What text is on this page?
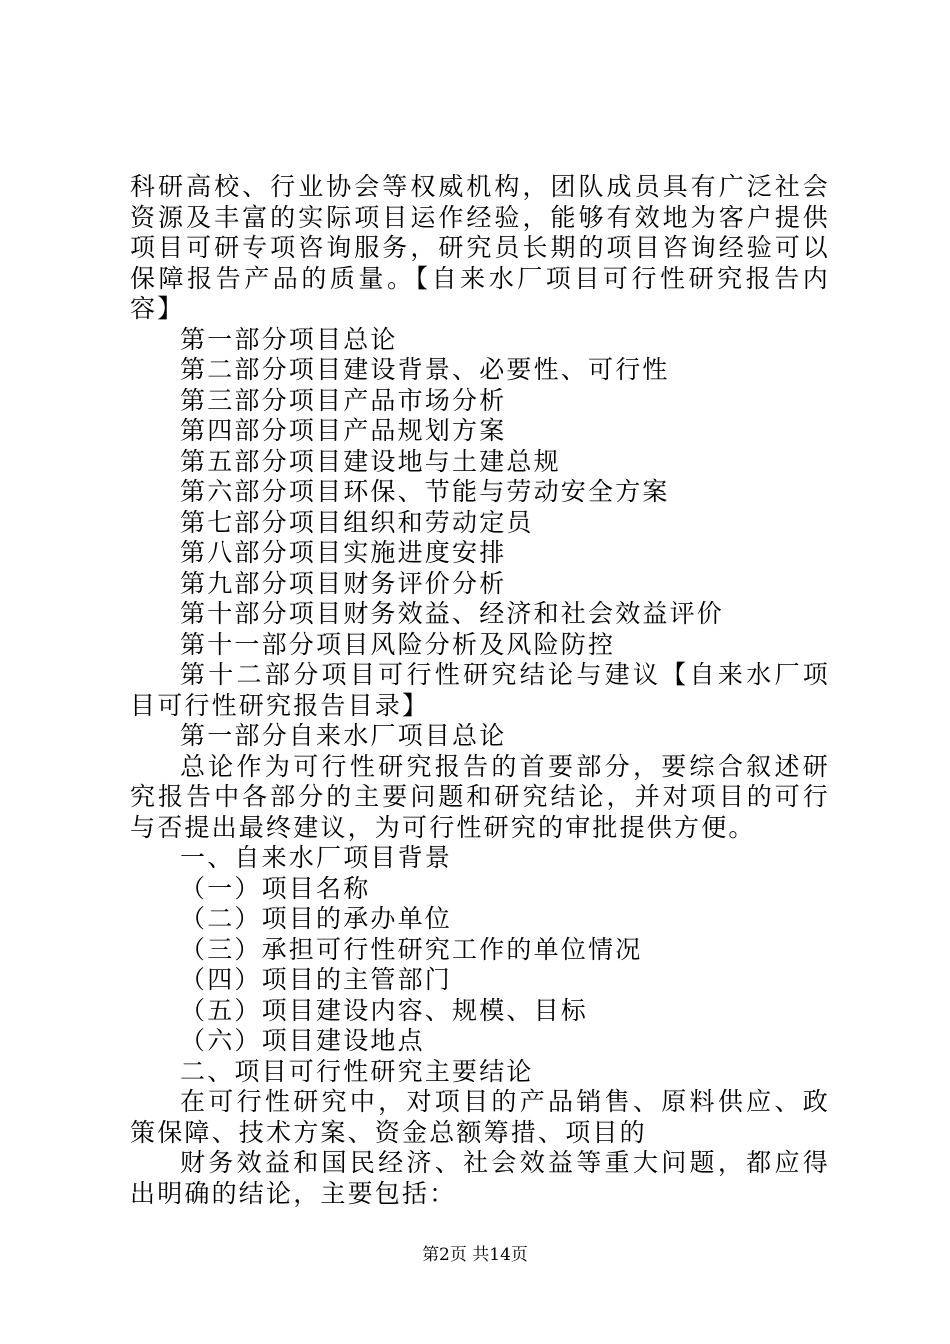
科研高校、行业协会等权威机构，团队成员具有广泛社会资源及丰富的实际项目运作经验，能够有效地为客户提供项目可研专项咨询服务，研究员长期的项目咨询经验可以保障报告产品的质量。【自来水厂项目可行性研究报告内容】

第一部分项目总论

第二部分项目建设背景、必要性、可行性

第三部分项目产品市场分析

第四部分项目产品规划方案

第五部分项目建设地与土建总规

第六部分项目环保、节能与劳动安全方案

第七部分项目组织和劳动定员

第八部分项目实施进度安排

第九部分项目财务评价分析

第十部分项目财务效益、经济和社会效益评价

第十一部分项目风险分析及风险防控

第十二部分项目可行性研究结论与建议【自来水厂项目可行性研究报告目录】

第一部分自来水厂项目总论

总论作为可行性研究报告的首要部分，要综合叙述研究报告中各部分的主要问题和研究结论，并对项目的可行与否提出最终建议，为可行性研究的审批提供方便。

一、自来水厂项目背景

（一）项目名称

（二）项目的承办单位

（三）承担可行性研究工作的单位情况

（四）项目的主管部门

（五）项目建设内容、规模、目标

（六）项目建设地点

二、项目可行性研究主要结论

在可行性研究中，对项目的产品销售、原料供应、政策保障、技术方案、资金总额筹措、项目的

财务效益和国民经济、社会效益等重大问题，都应得出明确的结论，主要包括：

第2页 共14页
